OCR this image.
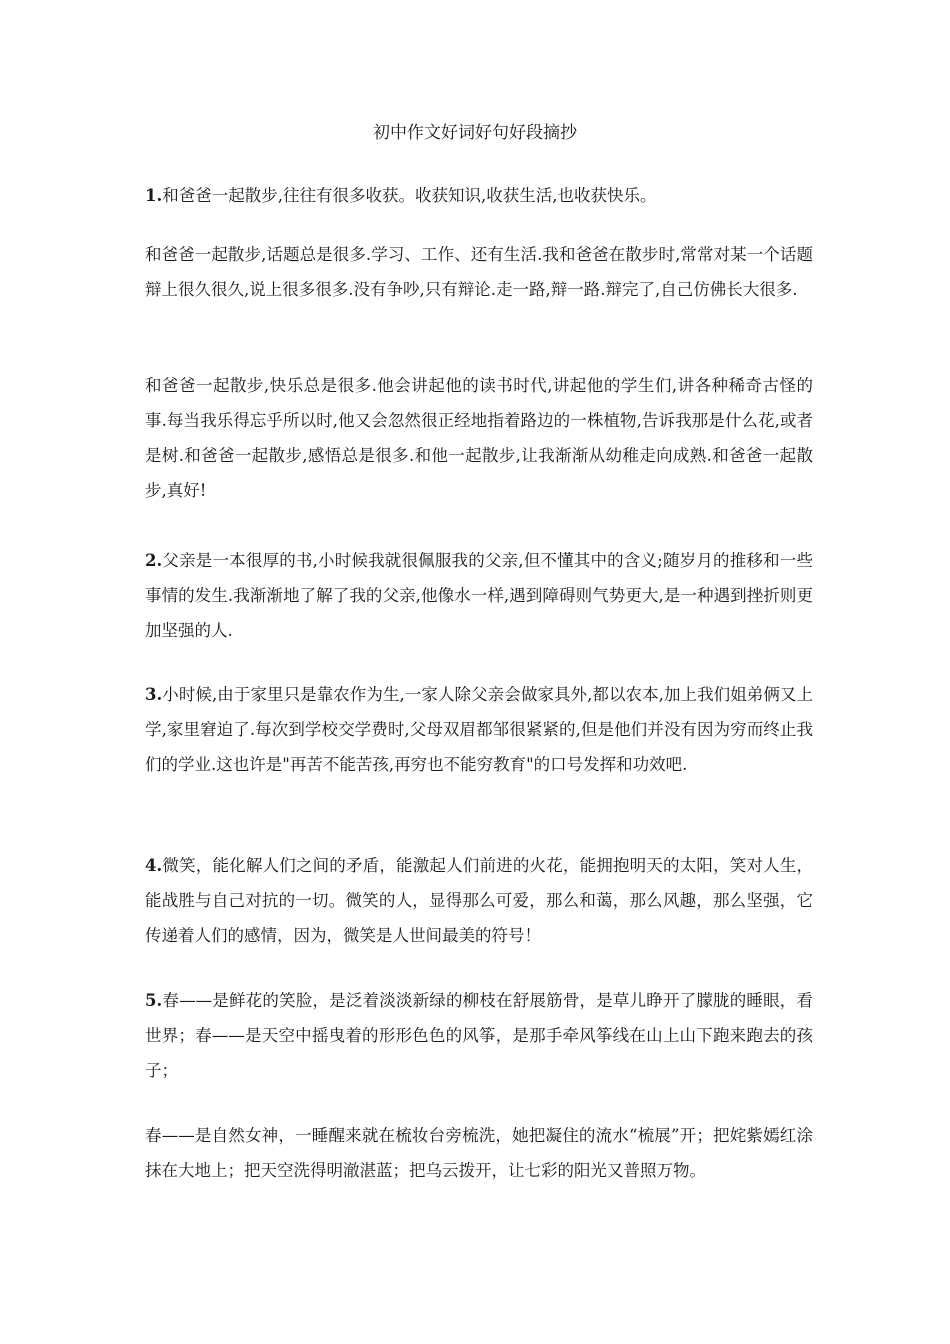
初中作文好词好句好段摘抄

1.和爸爸一起散步,往往有很多收获。收获知识,收获生活,也收获快乐。

和爸爸一起散步,话题总是很多.学习、工作、还有生活.我和爸爸在散步时,常常对某一个话题辩上很久很久,说上很多很多.没有争吵,只有辩论.走一路,辩一路.辩完了,自己仿佛长大很多.

和爸爸一起散步,快乐总是很多.他会讲起他的读书时代,讲起他的学生们,讲各种稀奇古怪的事.每当我乐得忘乎所以时,他又会忽然很正经地指着路边的一株植物,告诉我那是什么花,或者是树.和爸爸一起散步,感悟总是很多.和他一起散步,让我渐渐从幼稚走向成熟.和爸爸一起散步,真好!

2.父亲是一本很厚的书,小时候我就很佩服我的父亲,但不懂其中的含义;随岁月的推移和一些事情的发生.我渐渐地了解了我的父亲,他像水一样,遇到障碍则气势更大,是一种遇到挫折则更加坚强的人.

3.小时候,由于家里只是靠农作为生,一家人除父亲会做家具外,都以农本,加上我们姐弟俩又上学,家里窘迫了.每次到学校交学费时,父母双眉都邹很紧紧的,但是他们并没有因为穷而终止我们的学业.这也许是"再苦不能苦孩,再穷也不能穷教育"的口号发挥和功效吧.

4.微笑，能化解人们之间的矛盾，能激起人们前进的火花，能拥抱明天的太阳，笑对人生，能战胜与自己对抗的一切。微笑的人，显得那么可爱，那么和蔼，那么风趣，那么坚强，它传递着人们的感情，因为，微笑是人世间最美的符号！

5.春——是鲜花的笑脸，是泛着淡淡新绿的柳枝在舒展筋骨，是草儿睁开了朦胧的睡眼，看世界；春——是天空中摇曳着的形形色色的风筝，是那手牵风筝线在山上山下跑来跑去的孩子；

春——是自然女神，一睡醒来就在梳妆台旁梳洗，她把凝住的流水“梳展”开；把姹紫嫣红涂抹在大地上；把天空洗得明澈湛蓝；把乌云拨开，让七彩的阳光又普照万物。
